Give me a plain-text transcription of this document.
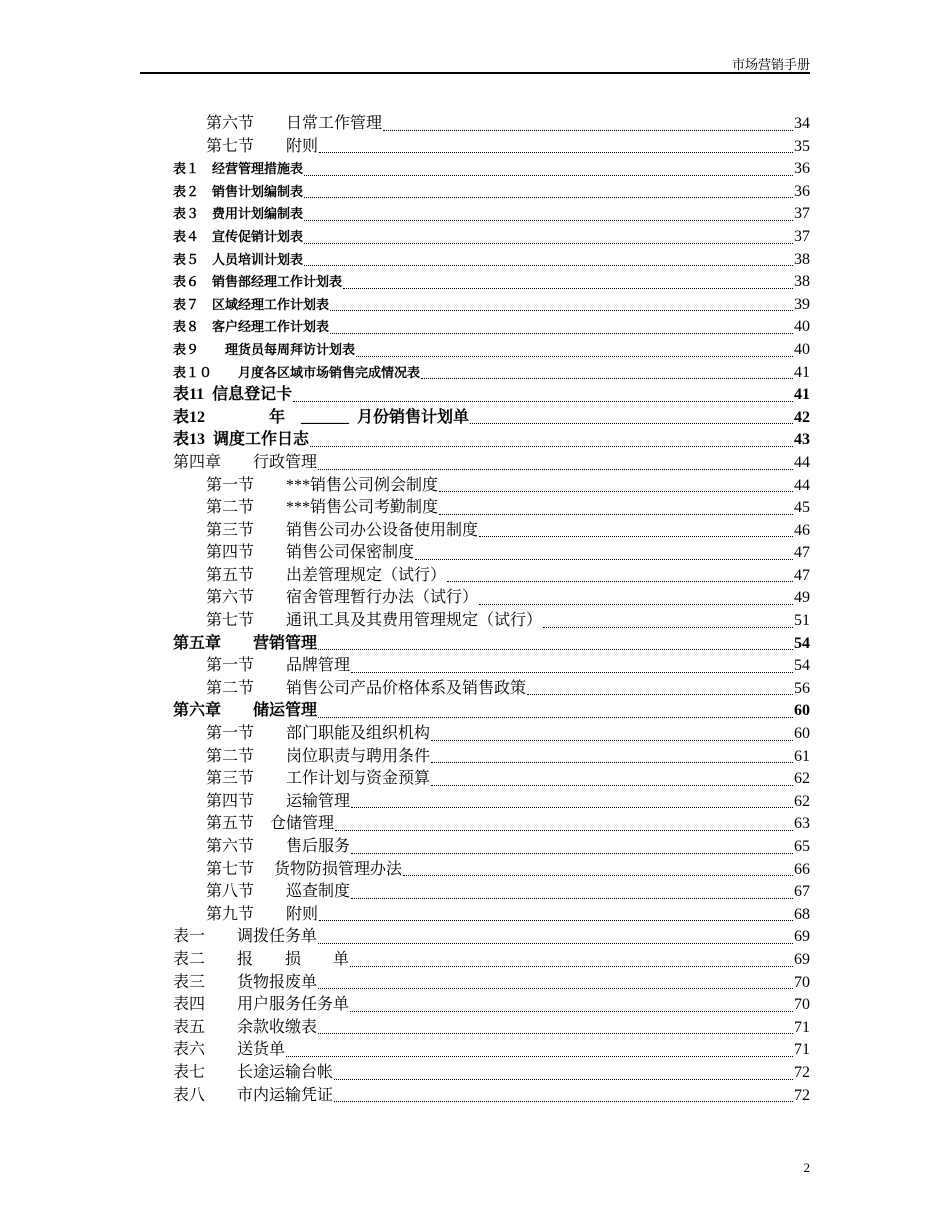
市场营销手册
第六节　　日常工作管理	34
第七节　　附则	35
表１　经营管理措施表	36
表２　销售计划编制表	36
表３　费用计划编制表	37
表４　宣传促销计划表	37
表５　人员培训计划表	38
表６　销售部经理工作计划表	38
表７　区域经理工作计划表	39
表８　客户经理工作计划表	40
表９　　理货员每周拜访计划表	40
表１０　　月度各区域市场销售完成情况表	41
表11  信息登记卡	41
表12　　　　年　______  月份销售计划单	42
表13  调度工作日志	43
第四章　　行政管理	44
第一节　　***销售公司例会制度	44
第二节　　***销售公司考勤制度	45
第三节　　销售公司办公设备使用制度	46
第四节　　销售公司保密制度	47
第五节　　出差管理规定（试行）	47
第六节　　宿舍管理暂行办法（试行）	49
第七节　　通讯工具及其费用管理规定（试行）	51
第五章　　营销管理	54
第一节　　品牌管理	54
第二节　　销售公司产品价格体系及销售政策	56
第六章　　储运管理	60
第一节　　部门职能及组织机构	60
第二节　　岗位职责与聘用条件	61
第三节　　工作计划与资金预算	62
第四节　　运输管理	62
第五节　仓储管理	63
第六节　　售后服务	65
第七节　 货物防损管理办法	66
第八节　　巡查制度	67
第九节　　附则	68
表一　　调拨任务单	69
表二　　报　　损　　单	69
表三　　货物报废单	70
表四　　用户服务任务单	70
表五　　余款收缴表	71
表六　　送货单	71
表七　　长途运输台帐	72
表八　　市内运输凭证	72
2
